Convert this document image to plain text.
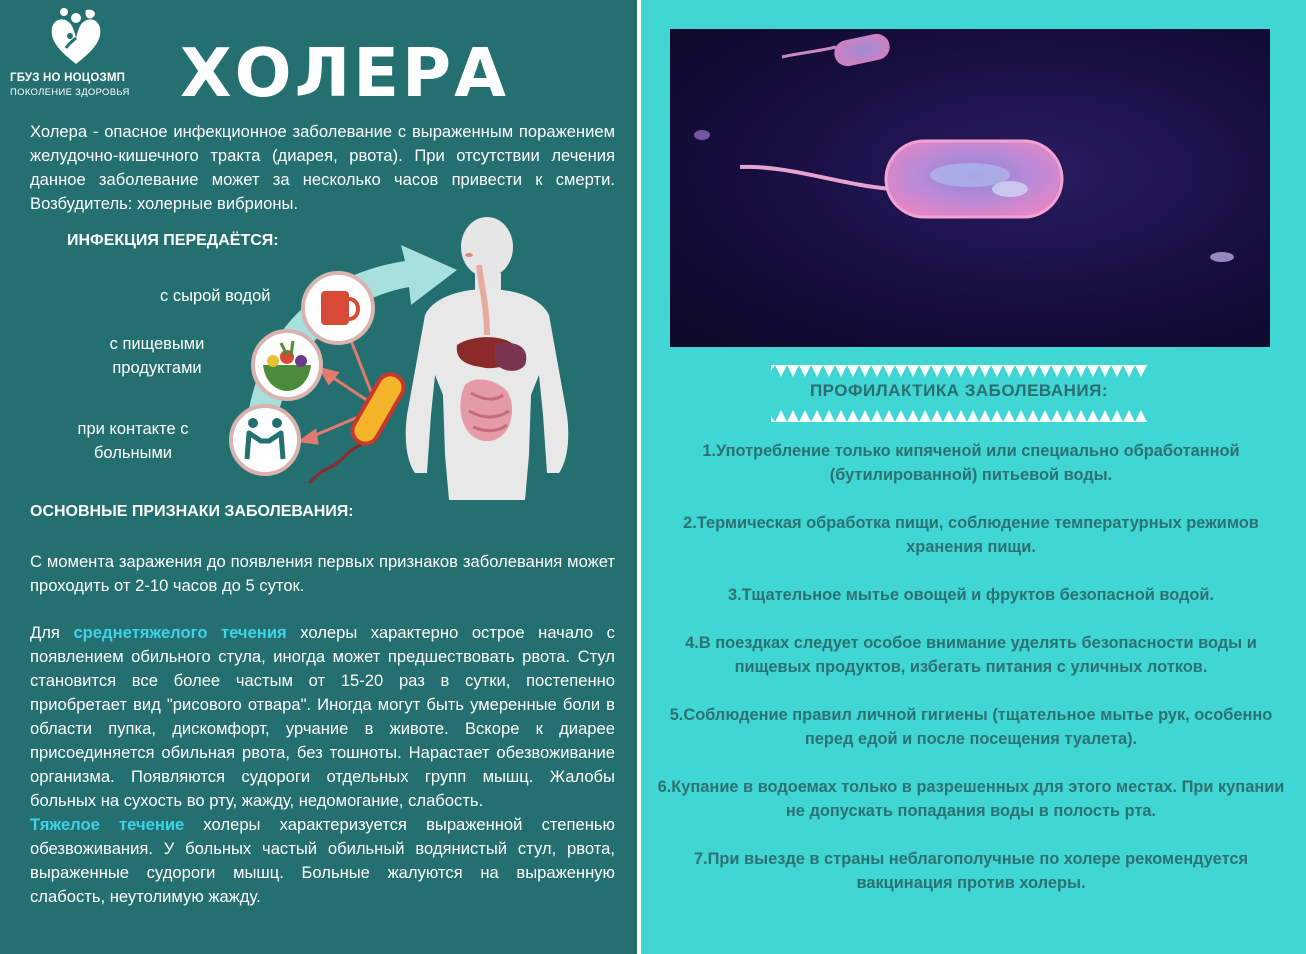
ГБУЗ НО НОЦОЗМП
ПОКОЛЕНИЕ ЗДОРОВЬЯ ХОЛЕРА

Холера - опасное инфекционное заболевание с выраженным поражением желудочно-кишечного тракта (диарея, рвота). При отсутствии лечения данное заболевание может за несколько часов привести к смерти. Возбудитель: холерные вибрионы.

ИНФЕКЦИЯ ПЕРЕДАЁТСЯ:
с сырой водой
с пищевыми продуктами
при контакте с больными
ОСНОВНЫЕ ПРИЗНАКИ ЗАБОЛЕВАНИЯ:

С момента заражения до появления первых признаков заболевания может проходить от 2-10 часов до 5 суток.

Для среднетяжелого течения холеры характерно острое начало с появлением обильного стула, иногда может предшествовать рвота. Стул становится все более частым от 15-20 раз в сутки, постепенно приобретает вид "рисового отвара". Иногда могут быть умеренные боли в области пупка, дискомфорт, урчание в животе. Вскоре к диарее присоединяется обильная рвота, без тошноты. Нарастает обезвоживание организма. Появляются судороги отдельных групп мышц. Жалобы больных на сухость во рту, жажду, недомогание, слабость.
Тяжелое течение холеры характеризуется выраженной степенью обезвоживания. У больных частый обильный водянистый стул, рвота, выраженные судороги мышц. Больные жалуются на выраженную слабость, неутолимую жажду.

ПРОФИЛАКТИКА ЗАБОЛЕВАНИЯ:
1.Употребление только кипяченой или специально обработанной (бутилированной) питьевой воды.
2.Термическая обработка пищи, соблюдение температурных режимов хранения пищи.
3.Тщательное мытье овощей и фруктов безопасной водой.
4.В поездках следует особое внимание уделять безопасности воды и пищевых продуктов, избегать питания с уличных лотков.
5.Соблюдение правил личной гигиены (тщательное мытье рук, особенно перед едой и после посещения туалета).
6.Купание в водоемах только в разрешенных для этого местах. При купании не допускать попадания воды в полость рта.
7.При выезде в страны неблагополучные по холере рекомендуется вакцинация против холеры.
